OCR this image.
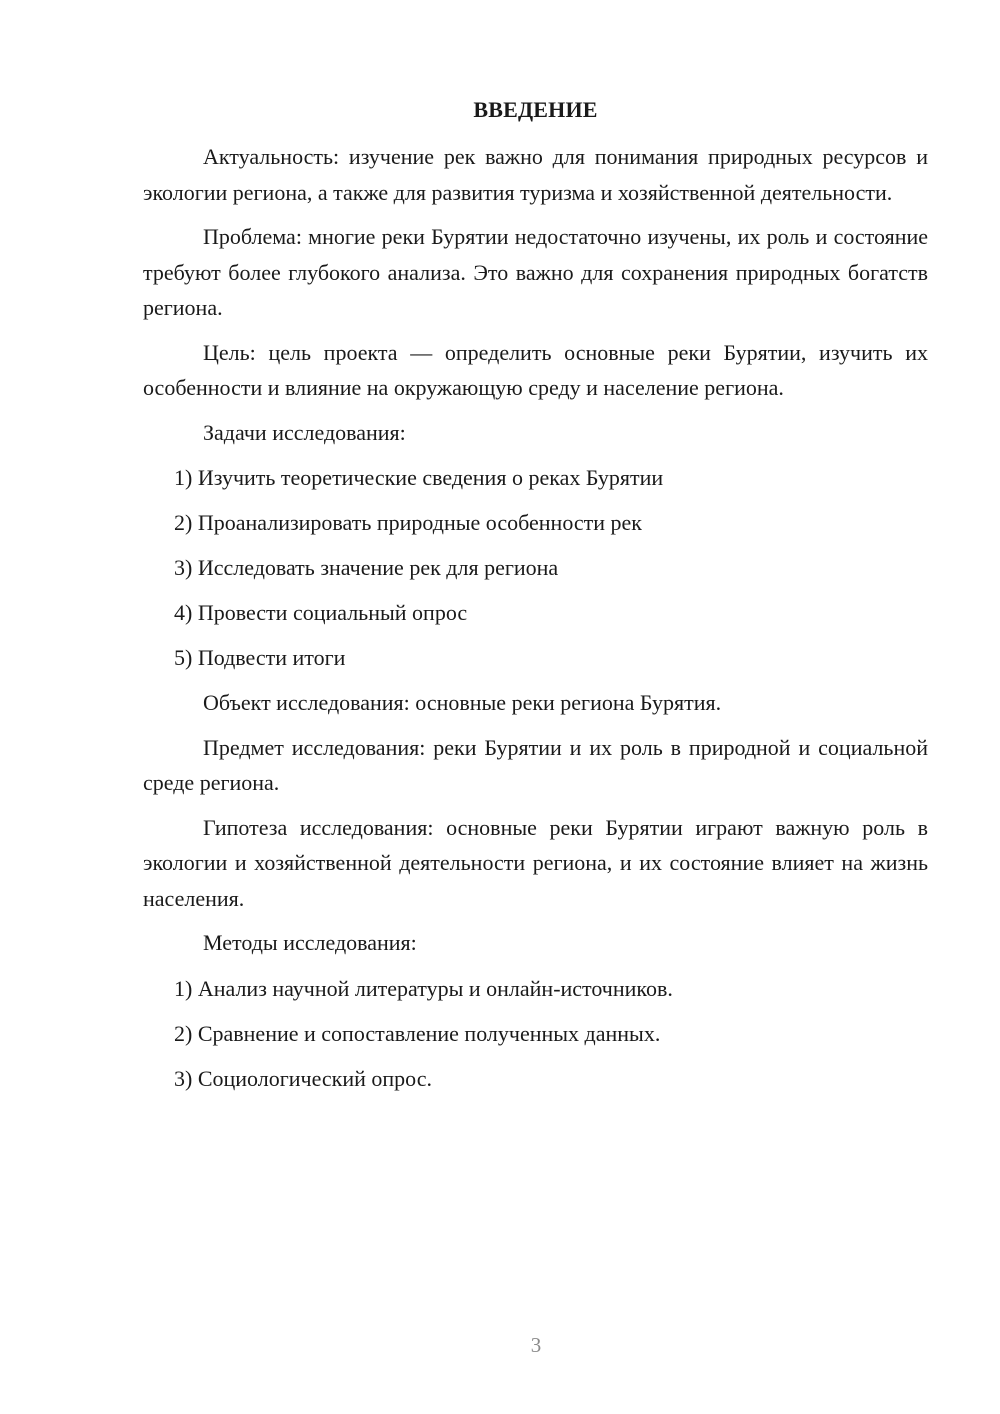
ВВЕДЕНИЕ
Актуальность: изучение рек важно для понимания природных ресурсов и экологии региона, а также для развития туризма и хозяйственной деятельности.
Проблема: многие реки Бурятии недостаточно изучены, их роль и состояние требуют более глубокого анализа. Это важно для сохранения природных богатств региона.
Цель: цель проекта — определить основные реки Бурятии, изучить их особенности и влияние на окружающую среду и население региона.
Задачи исследования:
1) Изучить теоретические сведения о реках Бурятии
2) Проанализировать природные особенности рек
3) Исследовать значение рек для региона
4) Провести социальный опрос
5) Подвести итоги
Объект исследования: основные реки региона Бурятия.
Предмет исследования: реки Бурятии и их роль в природной и социальной среде региона.
Гипотеза исследования: основные реки Бурятии играют важную роль в экологии и хозяйственной деятельности региона, и их состояние влияет на жизнь населения.
Методы исследования:
1) Анализ научной литературы и онлайн-источников.
2) Сравнение и сопоставление полученных данных.
3) Социологический опрос.
3
